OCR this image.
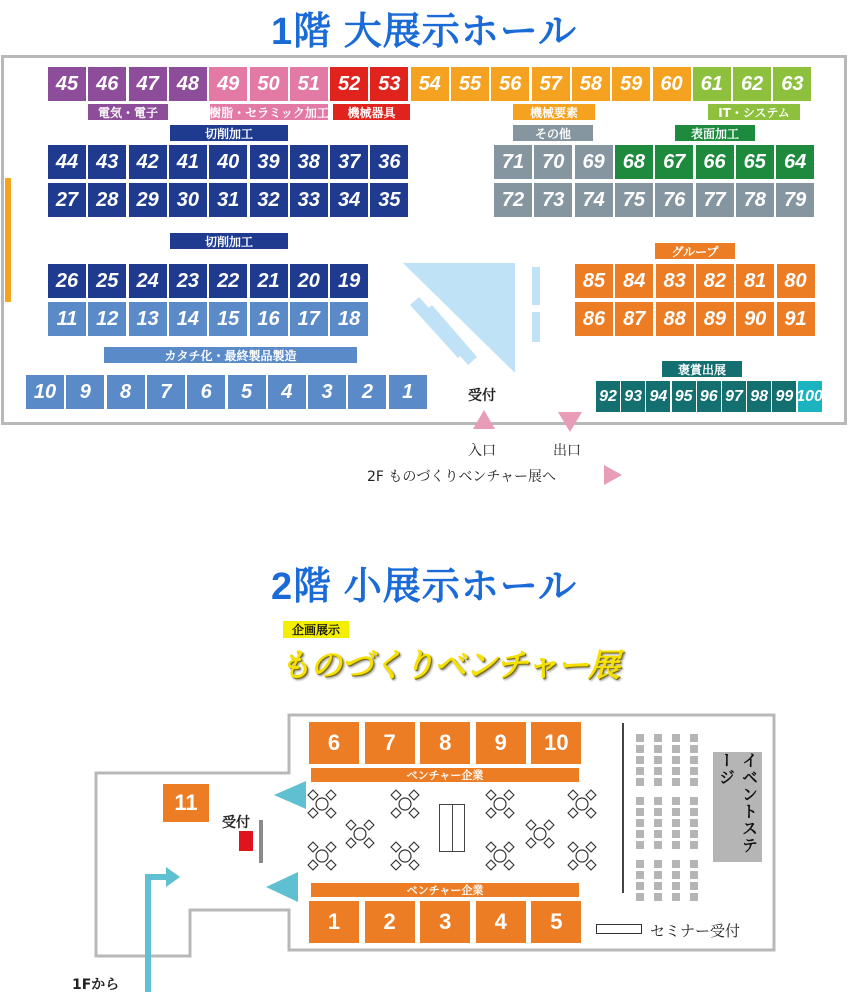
1階 大展示ホール
45 46 47 48 49 50 51 52 53 54 55 56 57 58 59 60 61 62 63
44 43 42 41 40 39 38 37 36
27 28 29 30 31 32 33 34 35
71 70 69 68 67 66 65 64
72 73 74 75 76 77 78 79
26 25 24 23 22 21 20 19
11 12 13 14 15 16 17 18
85 84 83 82 81 80
86 87 88 89 90 91
10	9	8	7	6	5	4	3	2	1	92 93 94 95 96 97 98 99 100
電気・電子	樹脂・セラミック加工	機械器具	機械要素	IT・システム
切削加工	その他	表面加工
切削加工
グループ
カタチ化・最終製品製造
褒賞出展
受付
入口	出口
2F ものづくりベンチャー展へ
2階 小展示ホール
企画展示
ものづくりベンチャー展
6	7	8	9	10
1	2	3	4	5
11
ベンチャー企業
ベンチャー企業
受付	イベントステージ
セミナー受付
1Fから
